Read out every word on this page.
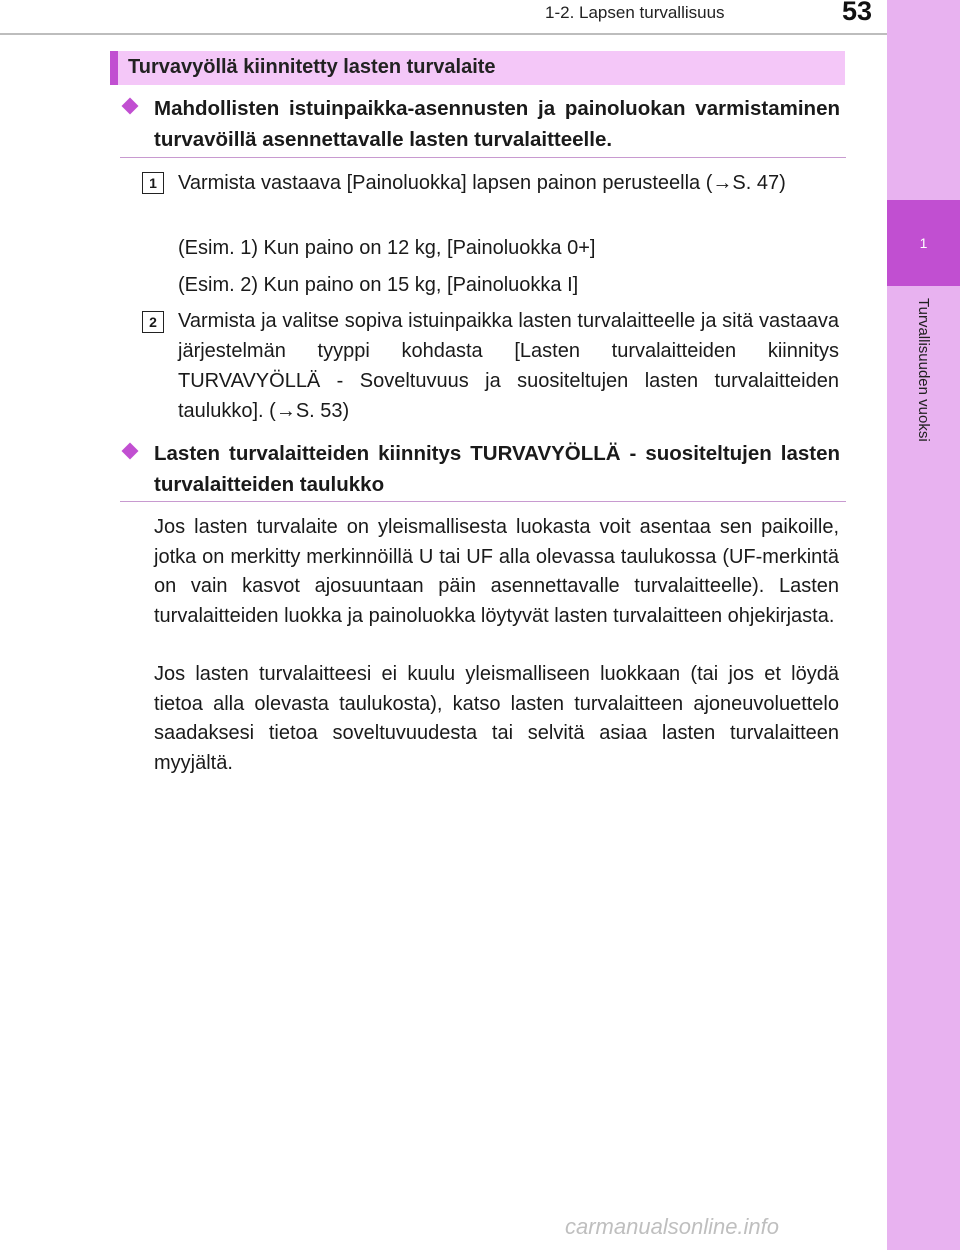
1-2. Lapsen turvallisuus	53
1
Turvallisuuden vuoksi
Turvavyöllä kiinnitetty lasten turvalaite
Mahdollisten istuinpaikka-asennusten ja painoluokan varmistaminen turvavöillä asennettavalle lasten turvalaitteelle.
1	Varmista vastaava [Painoluokka] lapsen painon perusteella (→S. 47)
(Esim. 1) Kun paino on 12 kg, [Painoluokka 0+]
(Esim. 2) Kun paino on 15 kg, [Painoluokka I]
2	Varmista ja valitse sopiva istuinpaikka lasten turvalaitteelle ja sitä vastaava järjestelmän tyyppi kohdasta [Lasten turvalaitteiden kiinnitys TURVAVYÖLLÄ - Soveltuvuus ja suositeltujen lasten turvalaitteiden taulukko]. (→S. 53)
Lasten turvalaitteiden kiinnitys TURVAVYÖLLÄ - suositeltujen lasten turvalaitteiden taulukko
Jos lasten turvalaite on yleismallisesta luokasta voit asentaa sen paikoille, jotka on merkitty merkinnöillä U tai UF alla olevassa taulukossa (UF-merkintä on vain kasvot ajosuuntaan päin asennettavalle turvalaitteelle). Lasten turvalaitteiden luokka ja painoluokka löytyvät lasten turvalaitteen ohjekirjasta.
Jos lasten turvalaitteesi ei kuulu yleismalliseen luokkaan (tai jos et löydä tietoa alla olevasta taulukosta), katso lasten turvalaitteen ajoneuvoluettelo saadaksesi tietoa soveltuvuudesta tai selvitä asiaa lasten turvalaitteen myyjältä.
carmanualsonline.info
